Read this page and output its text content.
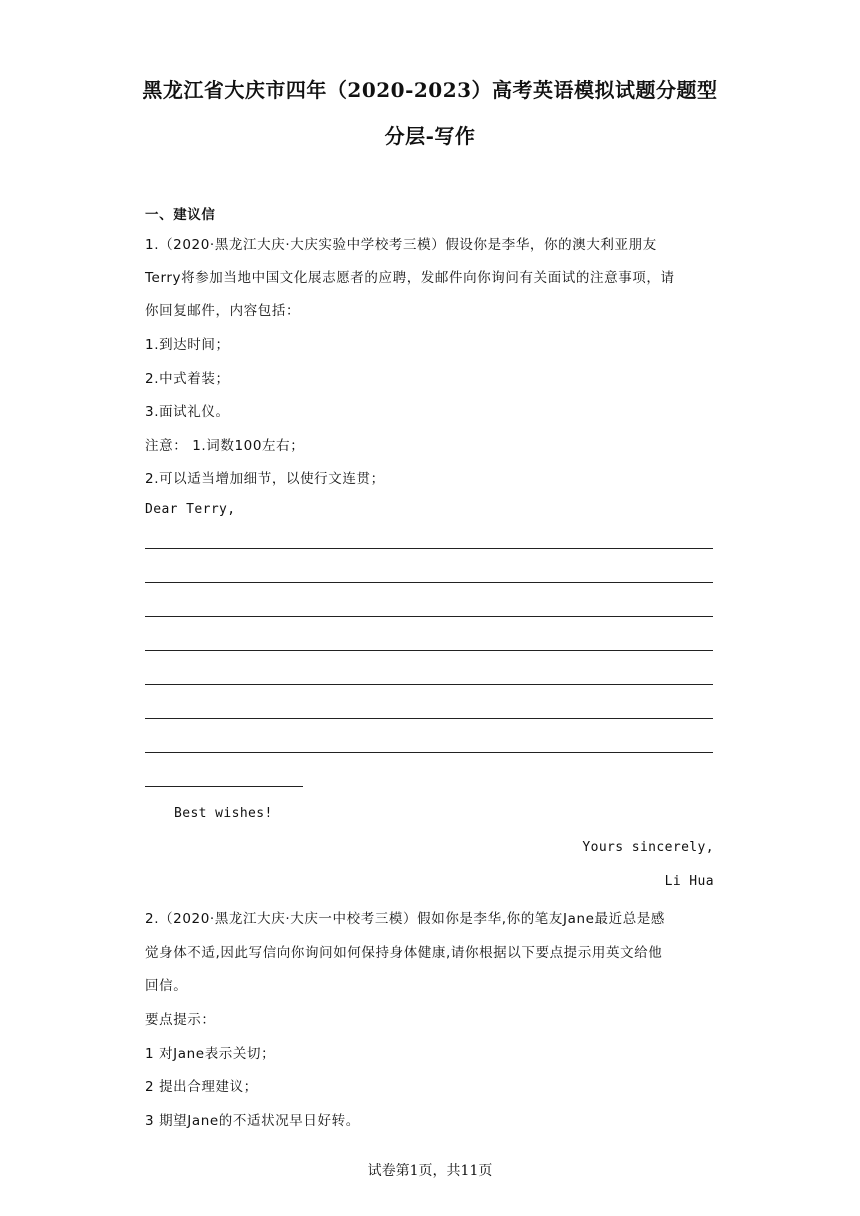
黑龙江省大庆市四年（2020-2023）高考英语模拟试题分题型
分层-写作
一、建议信
1.（2020·黑龙江大庆·大庆实验中学校考三模）假设你是李华，你的澳大利亚朋友
Terry将参加当地中国文化展志愿者的应聘，发邮件向你询问有关面试的注意事项，请
你回复邮件，内容包括：
1.到达时间；
2.中式着装；
3.面试礼仪。
注意： 1.词数100左右；
2.可以适当增加细节，以使行文连贯；
Dear Terry,
Best wishes!
Yours sincerely,
Li Hua
2.（2020·黑龙江大庆·大庆一中校考三模）假如你是李华,你的笔友Jane最近总是感
觉身体不适,因此写信向你询问如何保持身体健康,请你根据以下要点提示用英文给他
回信。
要点提示：
1 对Jane表示关切；
2 提出合理建议；
3 期望Jane的不适状况早日好转。
试卷第1页，共11页
